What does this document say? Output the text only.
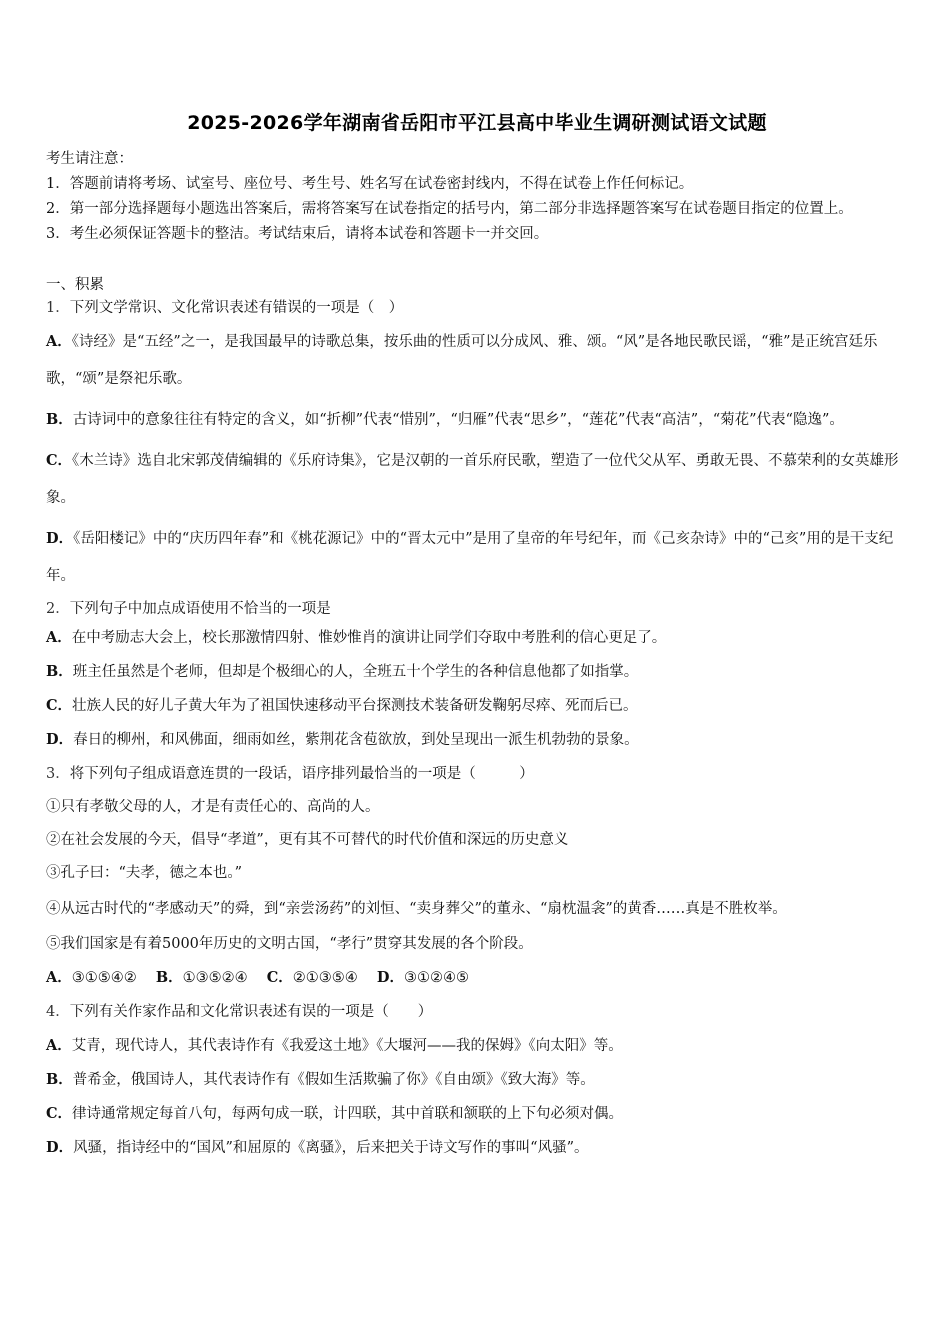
2025-2026学年湖南省岳阳市平江县高中毕业生调研测试语文试题

考生请注意：

1．答题前请将考场、试室号、座位号、考生号、姓名写在试卷密封线内，不得在试卷上作任何标记。

2．第一部分选择题每小题选出答案后，需将答案写在试卷指定的括号内，第二部分非选择题答案写在试卷题目指定的位置上。

3．考生必须保证答题卡的整洁。考试结束后，请将本试卷和答题卡一并交回。

一、积累

1．下列文学常识、文化常识表述有错误的一项是（　）

A．《诗经》是“五经”之一，是我国最早的诗歌总集，按乐曲的性质可以分成风、雅、颂。“风”是各地民歌民谣，“雅”是正统宫廷乐歌，“颂”是祭祀乐歌。

B．古诗词中的意象往往有特定的含义，如“折柳”代表“惜别”，“归雁”代表“思乡”，“莲花”代表“高洁”，“菊花”代表“隐逸”。

C．《木兰诗》选自北宋郭茂倩编辑的《乐府诗集》，它是汉朝的一首乐府民歌，塑造了一位代父从军、勇敢无畏、不慕荣利的女英雄形象。

D．《岳阳楼记》中的“庆历四年春”和《桃花源记》中的“晋太元中”是用了皇帝的年号纪年，而《己亥杂诗》中的“己亥”用的是干支纪年。

2．下列句子中加点成语使用不恰当的一项是

A．在中考励志大会上，校长那激情四射、惟妙惟肖的演讲让同学们夺取中考胜利的信心更足了。

B．班主任虽然是个老师，但却是个极细心的人，全班五十个学生的各种信息他都了如指掌。

C．壮族人民的好儿子黄大年为了祖国快速移动平台探测技术装备研发鞠躬尽瘁、死而后已。

D．春日的柳州，和风佛面，细雨如丝，紫荆花含苞欲放，到处呈现出一派生机勃勃的景象。

3．将下列句子组成语意连贯的一段话，语序排列最恰当的一项是（　　　）

①只有孝敬父母的人，才是有责任心的、高尚的人。

②在社会发展的今天，倡导“孝道”，更有其不可替代的时代价值和深远的历史意义

③孔子曰：“夫孝，德之本也。”

④从远古时代的“孝感动天”的舜，到“亲尝汤药”的刘恒、“卖身葬父”的董永、“扇枕温衾”的黄香……真是不胜枚举。

⑤我们国家是有着5000年历史的文明古国，“孝行”贯穿其发展的各个阶段。

A．③①⑤④②　 B．①③⑤②④　 C．②①③⑤④　 D．③①②④⑤

4．下列有关作家作品和文化常识表述有误的一项是（　　）

A．艾青，现代诗人，其代表诗作有《我爱这土地》《大堰河——我的保姆》《向太阳》等。

B．普希金，俄国诗人，其代表诗作有《假如生活欺骗了你》《自由颂》《致大海》等。

C．律诗通常规定每首八句，每两句成一联，计四联，其中首联和颔联的上下句必须对偶。

D．风骚，指诗经中的“国风”和屈原的《离骚》，后来把关于诗文写作的事叫“风骚”。
